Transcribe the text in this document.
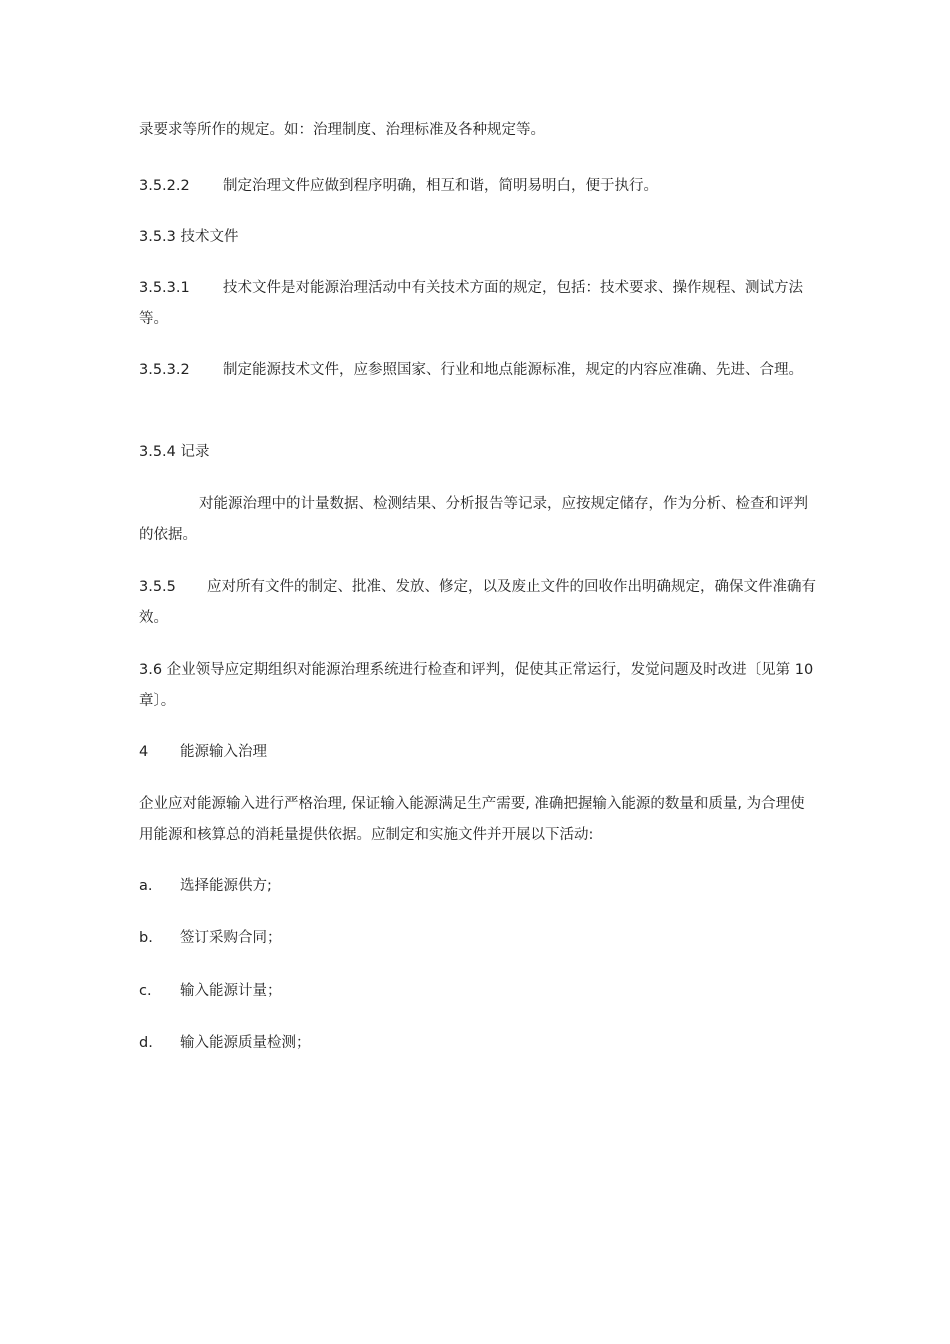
录要求等所作的规定。如：治理制度、治理标准及各种规定等。
3.5.2.2 制定治理文件应做到程序明确，相互和谐，简明易明白，便于执行。
3.5.3 技术文件
3.5.3.1 技术文件是对能源治理活动中有关技术方面的规定，包括：技术要求、操作规程、测试方法等。
3.5.3.2 制定能源技术文件，应参照国家、行业和地点能源标准，规定的内容应准确、先进、合理。
3.5.4 记录
对能源治理中的计量数据、检测结果、分析报告等记录，应按规定储存，作为分析、检查和评判的依据。
3.5.5 应对所有文件的制定、批准、发放、修定，以及废止文件的回收作出明确规定，确保文件准确有效。
3.6 企业领导应定期组织对能源治理系统进行检查和评判，促使其正常运行，发觉问题及时改进〔见第 10 章〕。
4 能源输入治理
企业应对能源输入进行严格治理, 保证输入能源满足生产需要, 准确把握输入能源的数量和质量, 为合理使用能源和核算总的消耗量提供依据。应制定和实施文件并开展以下活动:
a. 选择能源供方;
b. 签订采购合同；
c. 输入能源计量；
d. 输入能源质量检测；
